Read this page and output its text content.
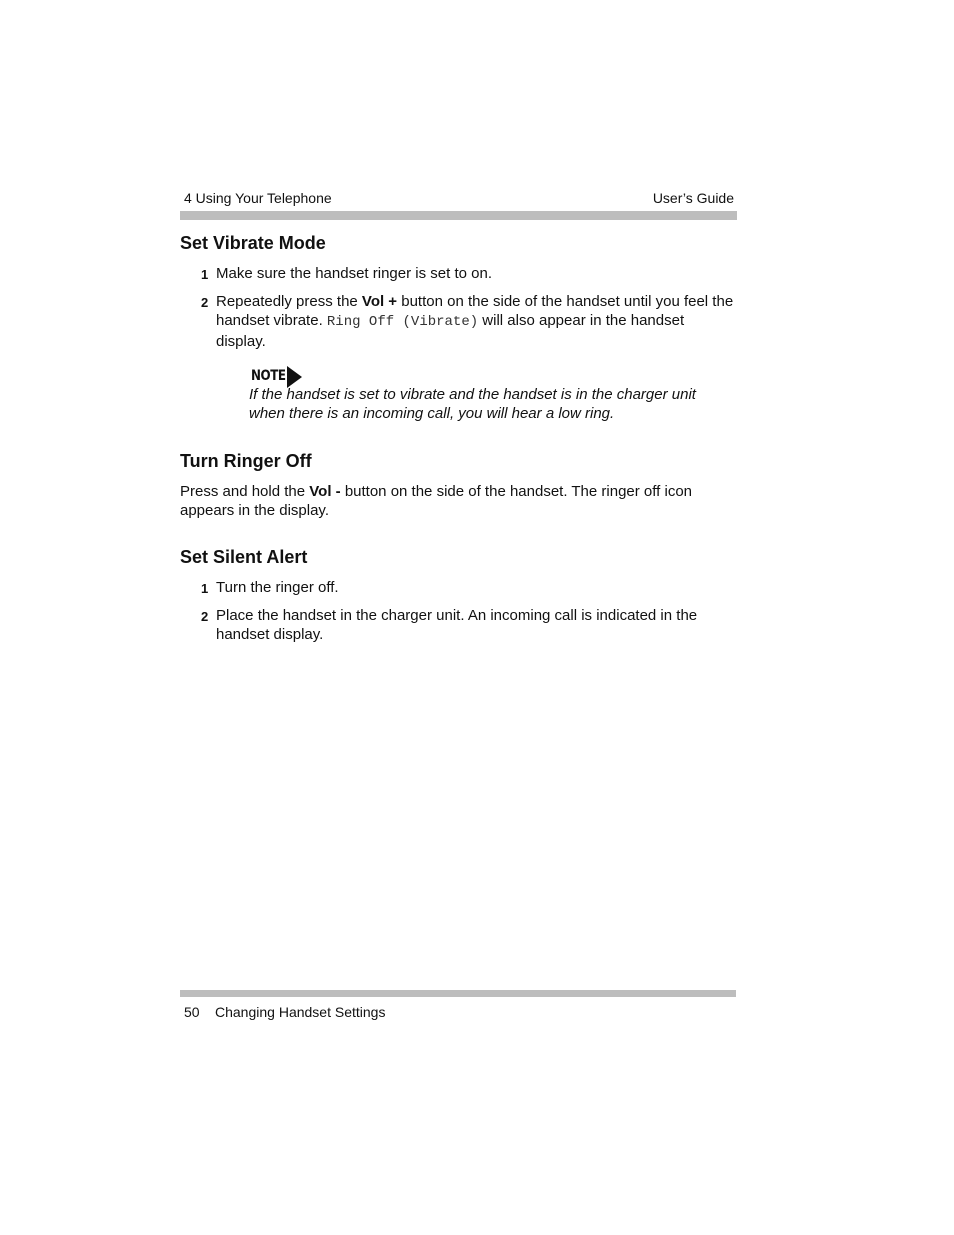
4 Using Your Telephone	User’s Guide
Set Vibrate Mode
1 Make sure the handset ringer is set to on.
2 Repeatedly press the Vol + button on the side of the handset until you feel the handset vibrate. Ring Off (Vibrate) will also appear in the handset display.
NOTE
If the handset is set to vibrate and the handset is in the charger unit when there is an incoming call, you will hear a low ring.
Turn Ringer Off
Press and hold the Vol - button on the side of the handset. The ringer off icon appears in the display.
Set Silent Alert
1 Turn the ringer off.
2 Place the handset in the charger unit. An incoming call is indicated in the handset display.
50 Changing Handset Settings
